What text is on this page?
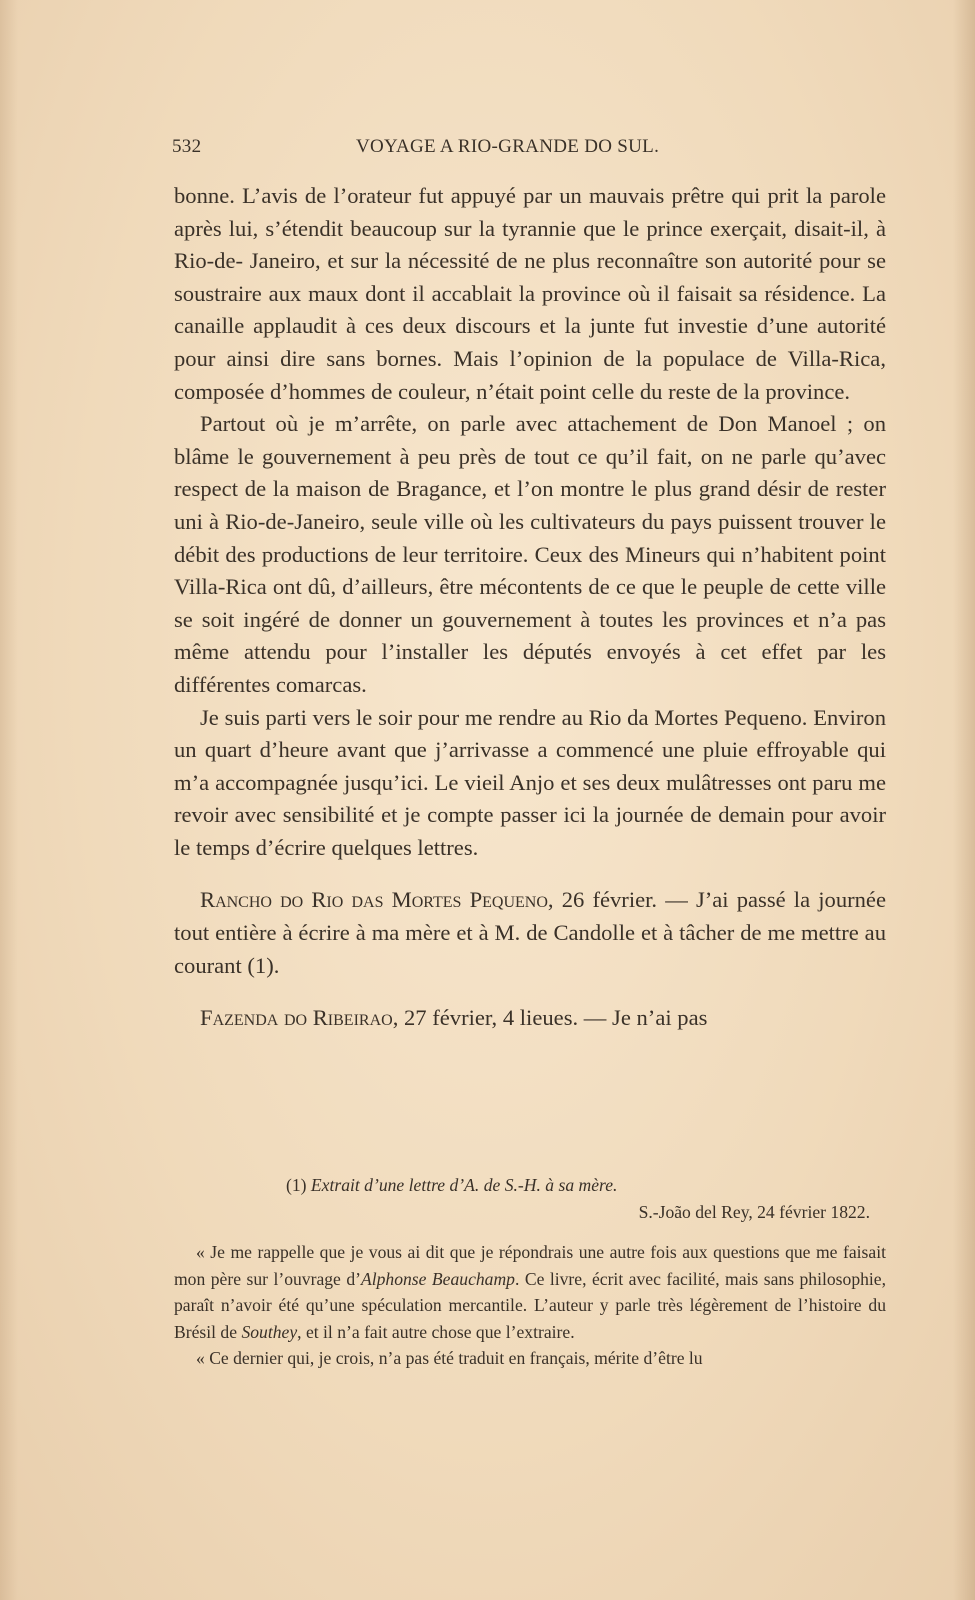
532	VOYAGE A RIO-GRANDE DO SUL.

bonne. L’avis de l’orateur fut appuyé par un mauvais prêtre qui prit la parole après lui, s’étendit beaucoup sur la tyrannie que le prince exerçait, disait-il, à Rio-de- Janeiro, et sur la nécessité de ne plus reconnaître son autorité pour se soustraire aux maux dont il accablait la province où il faisait sa résidence. La canaille applaudit à ces deux discours et la junte fut investie d’une autorité pour ainsi dire sans bornes. Mais l’opinion de la populace de Villa-Rica, composée d’hommes de couleur, n’était point celle du reste de la province.

Partout où je m’arrête, on parle avec attachement de Don Manoel ; on blâme le gouvernement à peu près de tout ce qu’il fait, on ne parle qu’avec respect de la maison de Bragance, et l’on montre le plus grand désir de rester uni à Rio-de-Janeiro, seule ville où les cultivateurs du pays puissent trouver le débit des productions de leur territoire. Ceux des Mineurs qui n’habitent point Villa-Rica ont dû, d’ailleurs, être mécontents de ce que le peuple de cette ville se soit ingéré de donner un gouvernement à toutes les provinces et n’a pas même attendu pour l’installer les députés envoyés à cet effet par les différentes comarcas.

Je suis parti vers le soir pour me rendre au Rio da Mortes Pequeno. Environ un quart d’heure avant que j’arrivasse a commencé une pluie effroyable qui m’a accompagnée jusqu’ici. Le vieil Anjo et ses deux mulâtresses ont paru me revoir avec sensibilité et je compte passer ici la journée de demain pour avoir le temps d’écrire quelques lettres.

Rancho do Rio das Mortes Pequeno, 26 février. — J’ai passé la journée tout entière à écrire à ma mère et à M. de Candolle et à tâcher de me mettre au courant (1).

Fazenda do Ribeirao, 27 février, 4 lieues. — Je n’ai pas

(1) Extrait d’une lettre d’A. de S.-H. à sa mère.

S.-João del Rey, 24 février 1822.

« Je me rappelle que je vous ai dit que je répondrais une autre fois aux questions que me faisait mon père sur l’ouvrage d’Alphonse Beauchamp. Ce livre, écrit avec facilité, mais sans philosophie, paraît n’avoir été qu’une spéculation mercantile. L’auteur y parle très légèrement de l’histoire du Brésil de Southey, et il n’a fait autre chose que l’extraire.

« Ce dernier qui, je crois, n’a pas été traduit en français, mérite d’être lu
